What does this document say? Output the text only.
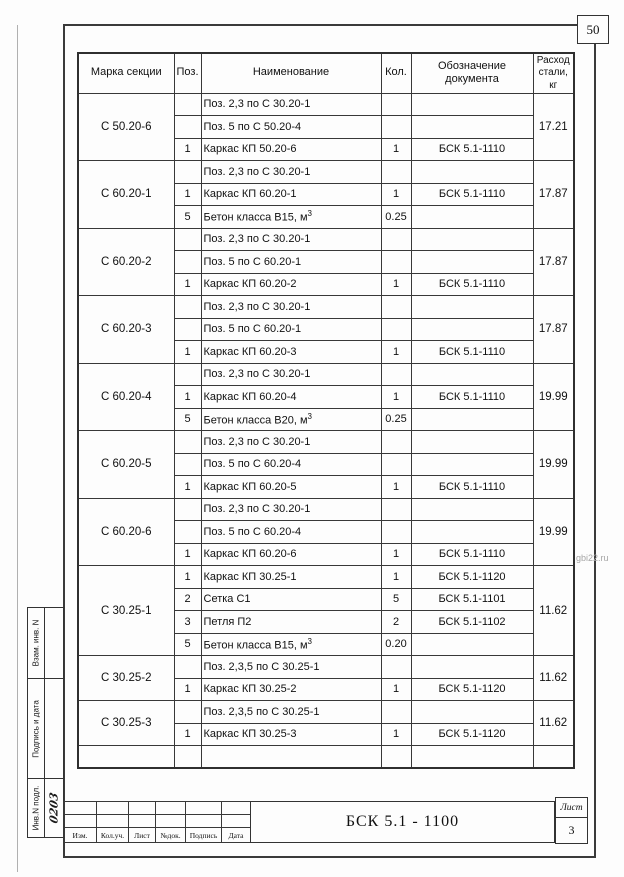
50
gbi22.ru
Взам. инв. N
Подпись и дата
Инв.N подл. 0203
Марка секции	Поз.	Наименование	Кол.	Обозначение документа	Расход стали, кг
С 50.20-6		Поз. 2,3 по С 30.20-1			17.21
		Поз. 5 по С 50.20-4			
	1	Каркас КП 50.20-6	1	БСК 5.1-1110	
С 60.20-1		Поз. 2,3 по С 30.20-1			17.87
	1	Каркас КП 60.20-1	1	БСК 5.1-1110	
	5	Бетон класса В15, $м^3$	0.25		
С 60.20-2		Поз. 2,3 по С 30.20-1			17.87
		Поз. 5 по С 60.20-1			
	1	Каркас КП 60.20-2	1	БСК 5.1-1110	
С 60.20-3		Поз. 2,3 по С 30.20-1			17.87
		Поз. 5 по С 60.20-1			
	1	Каркас КП 60.20-3	1	БСК 5.1-1110	
С 60.20-4		Поз. 2,3 по С 30.20-1			19.99
	1	Каркас КП 60.20-4	1	БСК 5.1-1110	
	5	Бетон класса В20, $м^3$	0.25		
С 60.20-5		Поз. 2,3 по С 30.20-1			19.99
		Поз. 5 по С 60.20-4			
	1	Каркас КП 60.20-5	1	БСК 5.1-1110	
С 60.20-6		Поз. 2,3 по С 30.20-1			19.99
		Поз. 5 по С 60.20-4			
	1	Каркас КП 60.20-6	1	БСК 5.1-1110	
С 30.25-1	1	Каркас КП 30.25-1	1	БСК 5.1-1120	11.62
	2	Сетка С1	5	БСК 5.1-1101	
	3	Петля П2	2	БСК 5.1-1102	
	5	Бетон класса В15, $м^3$	0.20		
С 30.25-2		Поз. 2,3,5 по С 30.25-1			11.62
	1	Каркас КП 30.25-2	1	БСК 5.1-1120	
С 30.25-3		Поз. 2,3,5 по С 30.25-1			11.62
	1	Каркас КП 30.25-3	1	БСК 5.1-1120	

Изм.	Кол.уч.	Лист	№док.	Подпись	Дата
БСК 5.1 - 1100
Лист
3
